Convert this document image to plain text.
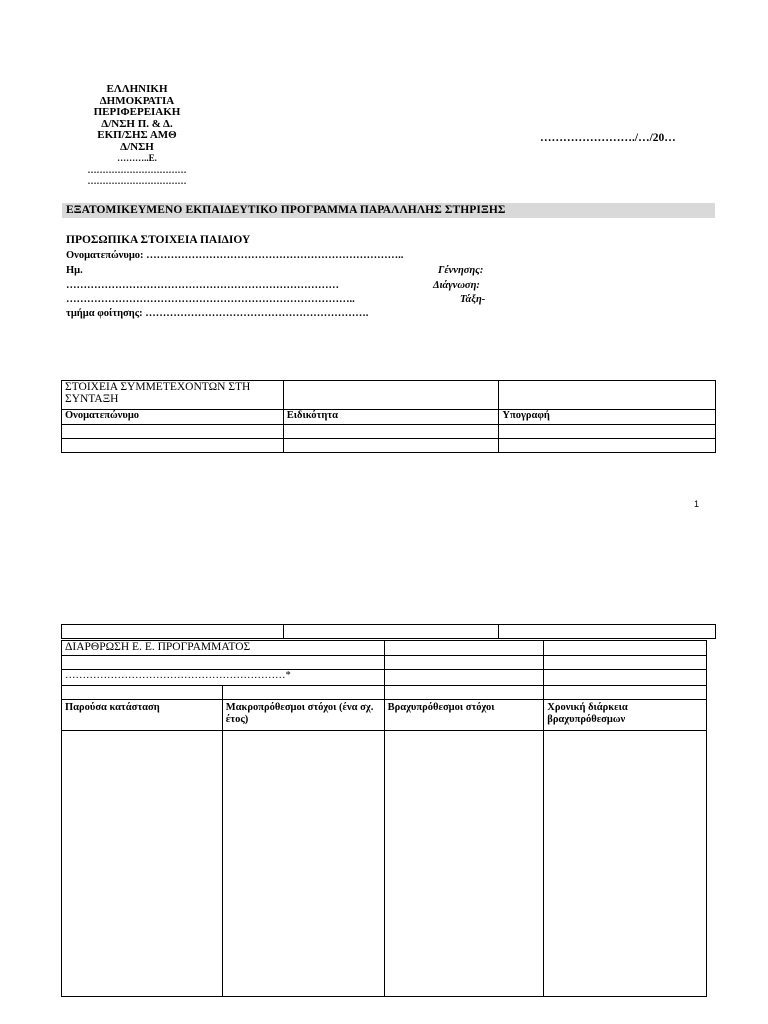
ΕΛΛΗΝΙΚΗ
ΔΗΜΟΚΡΑΤΙΑ
ΠΕΡΙΦΕΡΕΙΑΚΗ
Δ/ΝΣΗ Π. & Δ.
ΕΚΠ/ΣΗΣ ΑΜΘ
Δ/ΝΣΗ
………..Ε.
……………………………
……………………………
……………………./…/20…
ΕΞΑΤΟΜΙΚΕΥΜΕΝΟ ΕΚΠΑΙΔΕΥΤΙΚΟ ΠΡΟΓΡΑΜΜΑ ΠΑΡΑΛΛΗΛΗΣ ΣΤΗΡΙΞΗΣ
ΠΡΟΣΩΠΙΚΑ ΣΤΟΙΧΕΙΑ ΠΑΙΔΙΟΥ
Ονοματεπώνυμο: ………………………………………………………………..
Ημ.	Γέννησης:
……………………………………………………………………	Διάγνωση:
………………………………………………………………………..	Τάξη-
τμήμα φοίτησης: ……………………………………………………….
ΣΤΟΙΧΕΙΑ ΣΥΜΜΕΤΕΧΟΝΤΩΝ ΣΤΗ ΣΥΝΤΑΞΗ		
Ονοματεπώνυμο	Ειδικότητα	Υπογραφή

1

ΔΙΑΡΘΡΩΣΗ Ε. Ε. ΠΡΟΓΡΑΜΜΑΤΟΣ			

………………………………………………………*			

Παρούσα κατάσταση	Μακροπρόθεσμοι στόχοι (ένα σχ. έτος)	Βραχυπρόθεσμοι στόχοι	Χρονική διάρκεια βραχυπρόθεσμων
